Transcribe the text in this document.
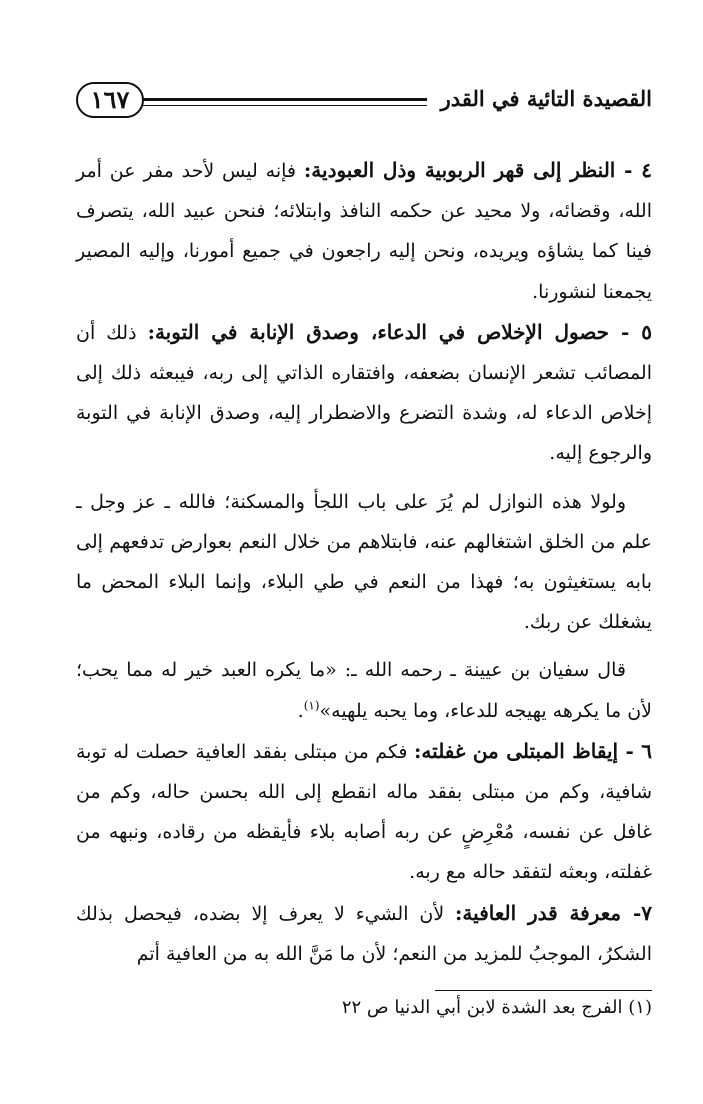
القصيدة التائية في القدر
١٦٧

٤ - النظر إلى قهر الربوبية وذل العبودية: فإنه ليس لأحد مفر عن أمر الله، وقضائه، ولا محيد عن حكمه النافذ وابتلائه؛ فنحن عبيد الله، يتصرف فينا كما يشاؤه ويريده، ونحن إليه راجعون في جميع أمورنا، وإليه المصير يجمعنا لنشورنا.

٥ - حصول الإخلاص في الدعاء، وصدق الإنابة في التوبة: ذلك أن المصائب تشعر الإنسان بضعفه، وافتقاره الذاتي إلى ربه، فيبعثه ذلك إلى إخلاص الدعاء له، وشدة التضرع والاضطرار إليه، وصدق الإنابة في التوبة والرجوع إليه.

ولولا هذه النوازل لم يُرَ على باب اللجأ والمسكنة؛ فالله ـ عز وجل ـ علم من الخلق اشتغالهم عنه، فابتلاهم من خلال النعم بعوارض تدفعهم إلى بابه يستغيثون به؛ فهذا من النعم في طي البلاء، وإنما البلاء المحض ما يشغلك عن ربك.

قال سفيان بن عيينة ـ رحمه الله ـ: «ما يكره العبد خير له مما يحب؛ لأن ما يكرهه يهيجه للدعاء، وما يحبه يلهيه»$^{(١)}$.

٦ - إيقاظ المبتلى من غفلته: فكم من مبتلى بفقد العافية حصلت له توبة شافية، وكم من مبتلى بفقد ماله انقطع إلى الله بحسن حاله، وكم من غافل عن نفسه، مُعْرِضٍ عن ربه أصابه بلاء فأيقظه من رقاده، ونبهه من غفلته، وبعثه لتفقد حاله مع ربه.

٧- معرفة قدر العافية: لأن الشيء لا يعرف إلا بضده، فيحصل بذلك الشكرُ، الموجبُ للمزيد من النعم؛ لأن ما مَنَّ الله به من العافية أتم

(١) الفرج بعد الشدة لابن أبي الدنيا ص ٢٢
